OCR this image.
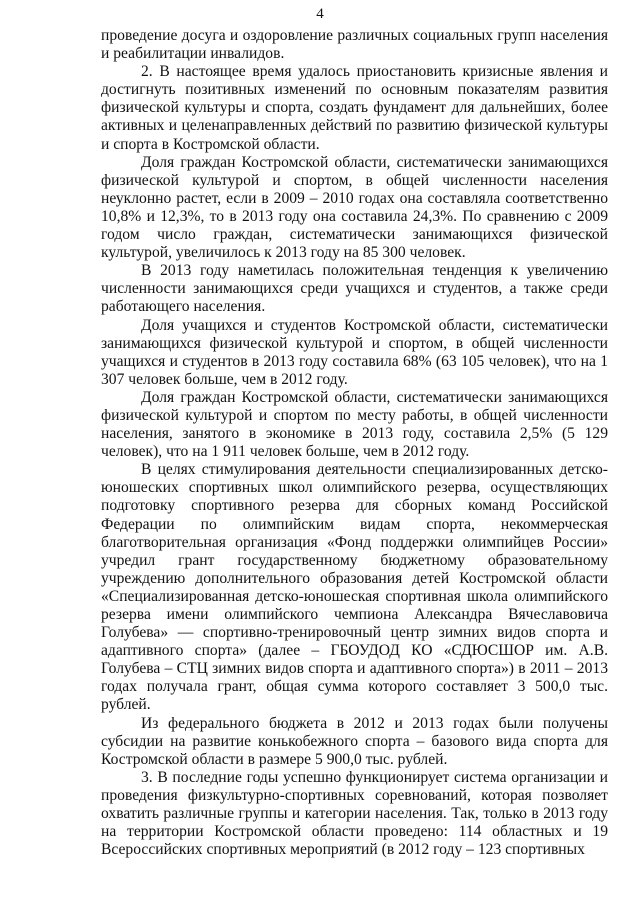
4

проведение досуга и оздоровление различных социальных групп населения и реабилитации инвалидов.

2. В настоящее время удалось приостановить кризисные явления и достигнуть позитивных изменений по основным показателям развития физической культуры и спорта, создать фундамент для дальнейших, более активных и целенаправленных действий по развитию физической культуры и спорта в Костромской области.

Доля граждан Костромской области, систематически занимающихся физической культурой и спортом, в общей численности населения неуклонно растет, если в 2009 – 2010 годах она составляла соответственно 10,8% и 12,3%, то в 2013 году она составила 24,3%. По сравнению с 2009 годом число граждан, систематически занимающихся физической культурой, увеличилось к 2013 году на 85 300 человек.

В 2013 году наметилась положительная тенденция к увеличению численности занимающихся среди учащихся и студентов, а также среди работающего населения.

Доля учащихся и студентов Костромской области, систематически занимающихся физической культурой и спортом, в общей численности учащихся и студентов в 2013 году составила 68% (63 105 человек), что на 1 307 человек больше, чем в 2012 году.

Доля граждан Костромской области, систематически занимающихся физической культурой и спортом по месту работы, в общей численности населения, занятого в экономике в 2013 году, составила 2,5% (5 129 человек), что на 1 911 человек больше, чем в 2012 году.

В целях стимулирования деятельности специализированных детско-юношеских спортивных школ олимпийского резерва, осуществляющих подготовку спортивного резерва для сборных команд Российской Федерации по олимпийским видам спорта, некоммерческая благотворительная организация «Фонд поддержки олимпийцев России» учредил грант государственному бюджетному образовательному учреждению дополнительного образования детей Костромской области «Специализированная детско-юношеская спортивная школа олимпийского резерва имени олимпийского чемпиона Александра Вячеславовича Голубева» — спортивно-тренировочный центр зимних видов спорта и адаптивного спорта» (далее – ГБОУДОД КО «СДЮСШОР им. А.В. Голубева – СТЦ зимних видов спорта и адаптивного спорта») в 2011 – 2013 годах получала грант, общая сумма которого составляет 3 500,0 тыс. рублей.

Из федерального бюджета в 2012 и 2013 годах были получены субсидии на развитие конькобежного спорта – базового вида спорта для Костромской области в размере 5 900,0 тыс. рублей.

3. В последние годы успешно функционирует система организации и проведения физкультурно-спортивных соревнований, которая позволяет охватить различные группы и категории населения. Так, только в 2013 году на территории Костромской области проведено: 114 областных и 19 Всероссийских спортивных мероприятий (в 2012 году – 123 спортивных
